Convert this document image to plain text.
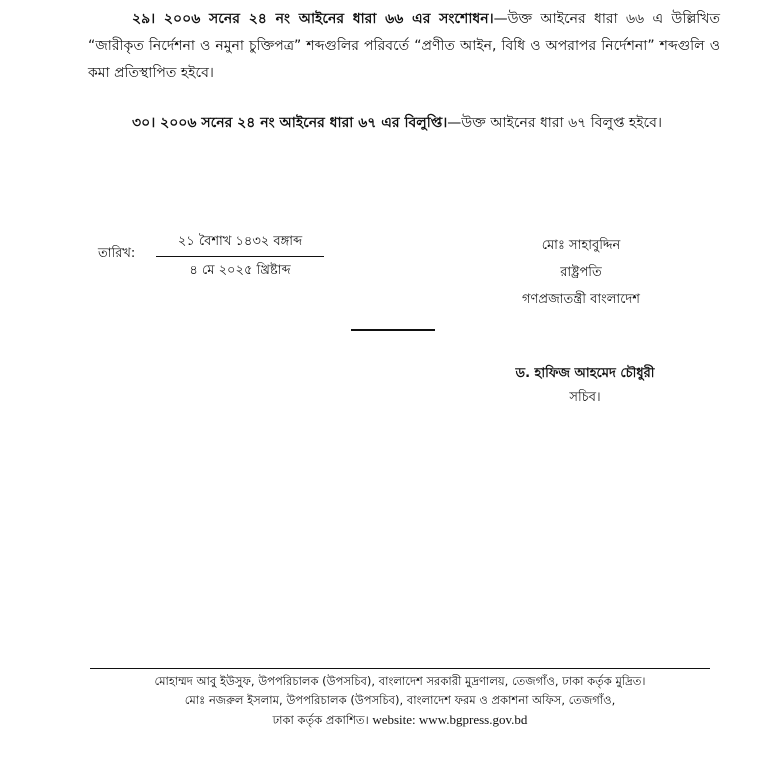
২৯। ২০০৬ সনের ২৪ নং আইনের ধারা ৬৬ এর সংশোধন।—উক্ত আইনের ধারা ৬৬ এ উল্লিখিত “জারীকৃত নির্দেশনা ও নমুনা চুক্তিপত্র” শব্দগুলির পরিবর্তে “প্রণীত আইন, বিধি ও অপরাপর নির্দেশনা” শব্দগুলি ও কমা প্রতিস্থাপিত হইবে।

৩০। ২০০৬ সনের ২৪ নং আইনের ধারা ৬৭ এর বিলুপ্তি।—উক্ত আইনের ধারা ৬৭ বিলুপ্ত হইবে।

তারিখ:
২১ বৈশাখ ১৪৩২ বঙ্গাব্দ
৪ মে ২০২৫ খ্রিষ্টাব্দ
মোঃ সাহাবুদ্দিন
রাষ্ট্রপতি
গণপ্রজাতন্ত্রী বাংলাদেশ
ড. হাফিজ আহমেদ চৌধুরী
সচিব।
মোহাম্মদ আবু ইউসুফ, উপপরিচালক (উপসচিব), বাংলাদেশ সরকারী মুদ্রণালয়, তেজগাঁও, ঢাকা কর্তৃক মুদ্রিত।
মোঃ নজরুল ইসলাম, উপপরিচালক (উপসচিব), বাংলাদেশ ফরম ও প্রকাশনা অফিস, তেজগাঁও,
ঢাকা কর্তৃক প্রকাশিত। website: www.bgpress.gov.bd
